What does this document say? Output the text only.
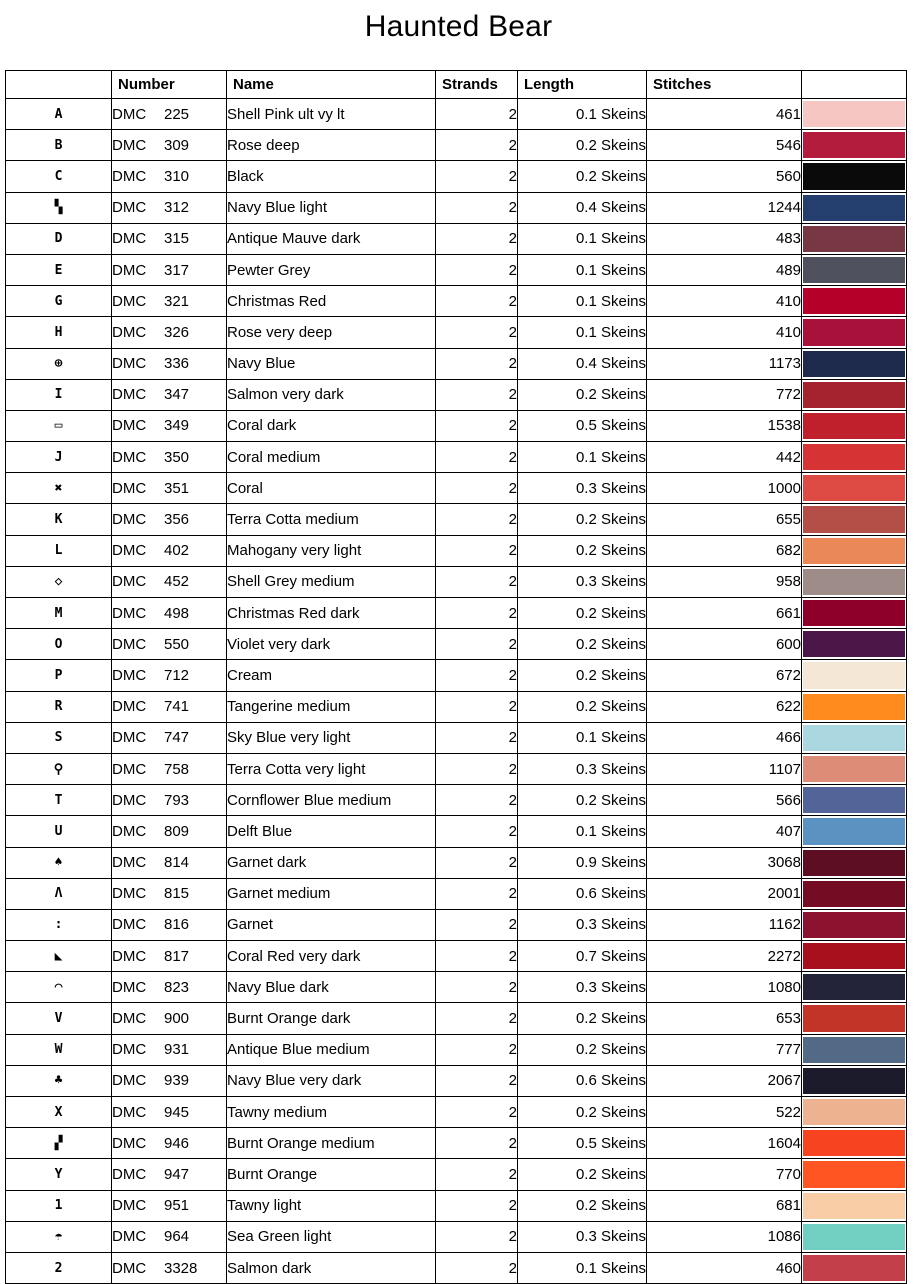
Haunted Bear
	Number	Name	Strands	Length	Stitches	
A	DMC 225	Shell Pink ult vy lt	2	0.1 Skeins	461	

B	DMC 309	Rose deep	2	0.2 Skeins	546	

C	DMC 310	Black	2	0.2 Skeins	560	

▚	DMC 312	Navy Blue light	2	0.4 Skeins	1244	

D	DMC 315	Antique Mauve dark	2	0.1 Skeins	483	

E	DMC 317	Pewter Grey	2	0.1 Skeins	489	

G	DMC 321	Christmas Red	2	0.1 Skeins	410	

H	DMC 326	Rose very deep	2	0.1 Skeins	410	

⊕	DMC 336	Navy Blue	2	0.4 Skeins	1173	

I	DMC 347	Salmon very dark	2	0.2 Skeins	772	

▭	DMC 349	Coral dark	2	0.5 Skeins	1538	

J	DMC 350	Coral medium	2	0.1 Skeins	442	

✖	DMC 351	Coral	2	0.3 Skeins	1000	

K	DMC 356	Terra Cotta medium	2	0.2 Skeins	655	

L	DMC 402	Mahogany very light	2	0.2 Skeins	682	

◇	DMC 452	Shell Grey medium	2	0.3 Skeins	958	

M	DMC 498	Christmas Red dark	2	0.2 Skeins	661	

O	DMC 550	Violet very dark	2	0.2 Skeins	600	

P	DMC 712	Cream	2	0.2 Skeins	672	

R	DMC 741	Tangerine medium	2	0.2 Skeins	622	

S	DMC 747	Sky Blue very light	2	0.1 Skeins	466	

⚲	DMC 758	Terra Cotta very light	2	0.3 Skeins	1107	

T	DMC 793	Cornflower Blue medium	2	0.2 Skeins	566	

U	DMC 809	Delft Blue	2	0.1 Skeins	407	

♠	DMC 814	Garnet dark	2	0.9 Skeins	3068	

Λ	DMC 815	Garnet medium	2	0.6 Skeins	2001	

:	DMC 816	Garnet	2	0.3 Skeins	1162	

◣	DMC 817	Coral Red very dark	2	0.7 Skeins	2272	

◠	DMC 823	Navy Blue dark	2	0.3 Skeins	1080	

V	DMC 900	Burnt Orange dark	2	0.2 Skeins	653	

W	DMC 931	Antique Blue medium	2	0.2 Skeins	777	

♣	DMC 939	Navy Blue very dark	2	0.6 Skeins	2067	

X	DMC 945	Tawny medium	2	0.2 Skeins	522	

▞	DMC 946	Burnt Orange medium	2	0.5 Skeins	1604	

Y	DMC 947	Burnt Orange	2	0.2 Skeins	770	

1	DMC 951	Tawny light	2	0.2 Skeins	681	

☂	DMC 964	Sea Green light	2	0.3 Skeins	1086	

2	DMC 3328	Salmon dark	2	0.1 Skeins	460	
